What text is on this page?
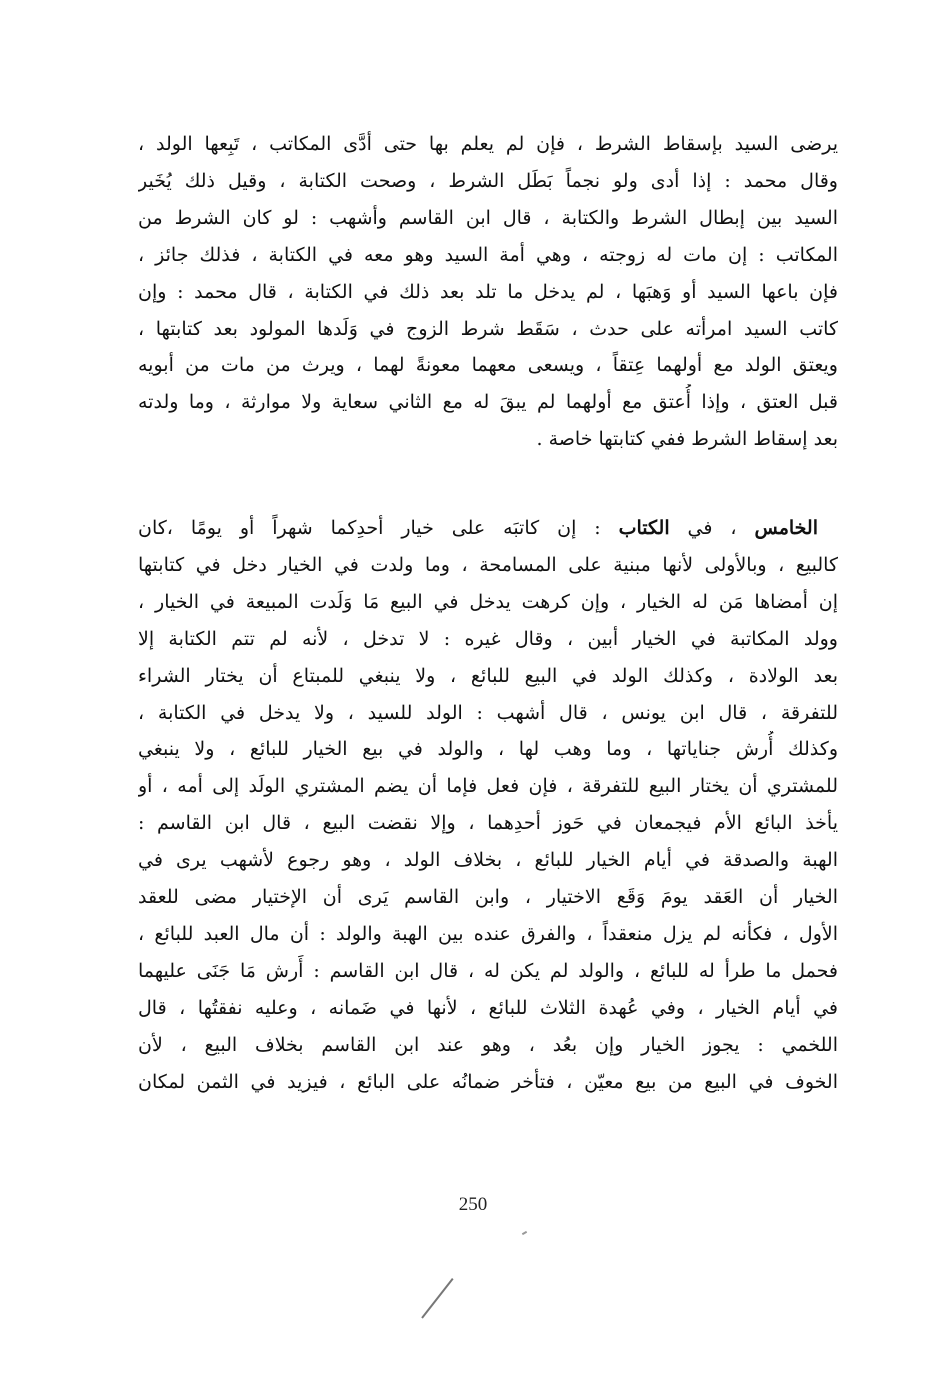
يرضى السيد بإسقاط الشرط ، فإن لم يعلم بها حتى أدَّى المكاتب ، تَبِعها الولد ،
وقال محمد : إذا أدى ولو نجماً بَطَل الشرط ، وصحت الكتابة ، وقيل ذلك يُخَير
السيد بين إبطال الشرط والكتابة ، قال ابن القاسم وأشهب : لو كان الشرط من
المكاتب : إن مات له زوجته ، وهي أمة السيد وهو معه في الكتابة ، فذلك جائز ،
فإن باعها السيد أو وَهبَها ، لم يدخل ما تلد بعد ذلك في الكتابة ، قال محمد : وإن
كاتب السيد امرأته على حدث ، سَقَط شرط الزوج في وَلَدها المولود بعد كتابتها ،
ويعتق الولد مع أولهما عِتقاً ، ويسعى معهما معونةً لهما ، ويرث من مات من أبويه
قبل العتق ، وإذا أُعتق مع أولهما لم يبقَ له مع الثاني سعاية ولا موارثة ، وما ولدته
بعد إسقاط الشرط ففي كتابتها خاصة .
الخامس ، في الكتاب : إن كاتبَه على خيار أحدِكما شهراً أو يومًا ،كان
كالبيع ، وبالأولى لأنها مبنية على المسامحة ، وما ولدت في الخيار دخل في كتابتها
إن أمضاها مَن له الخيار ، وإن كرهت يدخل في البيع مَا وَلَدت المبيعة في الخيار ،
وولد المكاتبة في الخيار أبين ، وقال غيره : لا تدخل ، لأنه لم تتم الكتابة إلا
بعد الولادة ، وكذلك الولد في البيع للبائع ، ولا ينبغي للمبتاع أن يختار الشراء
للتفرقة ، قال ابن يونس ، قال أشهب : الولد للسيد ، ولا يدخل في الكتابة ،
وكذلك أُرش جناياتها ، وما وهب لها ، والولد في بيع الخيار للبائع ، ولا ينبغي
للمشتري أن يختار البيع للتفرقة ، فإن فعل فإما أن يضم المشتري الولَد إلى أمه ، أو
يأخذ البائع الأم فيجمعان في حَوز أحدِهما ، وإلا نقضت البيع ، قال ابن القاسم :
الهبة والصدقة في أيام الخيار للبائع ، بخلاف الولد ، وهو رجوع لأشهب يرى في
الخيار أن العَقد يومَ وَقَع الاختيار ، وابن القاسم يَرى أن الإختيار مضى للعقد
الأول ، فكأنه لم يزل منعقداً ، والفرق عنده بين الهبة والولد : أن مال العبد للبائع ،
فحمل ما طرأ له للبائع ، والولد لم يكن له ، قال ابن القاسم : أَرش مَا جَنَى عليهما
في أيام الخيار ، وفي عُهدة الثلاث للبائع ، لأنها في ضَمانه ، وعليه نفقتُها ، قال
اللخمي : يجوز الخيار وإن بعُد ، وهو عند ابن القاسم بخلاف البيع ، لأن
الخوف في البيع من بيع معيّن ، فتأخر ضمانُه على البائع ، فيزيد في الثمن لمكان
250
